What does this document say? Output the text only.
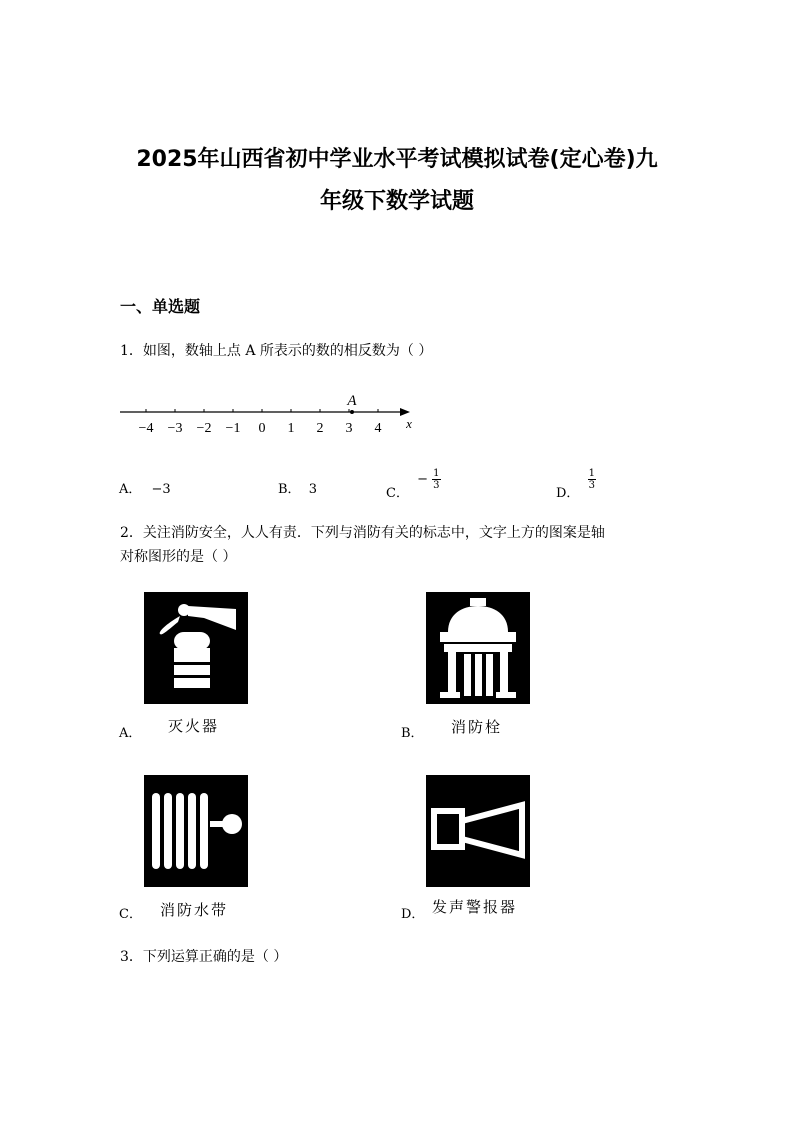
2025年山西省初中学业水平考试模拟试卷(定心卷)九
年级下数学试题
一、单选题
1．如图，数轴上点 A 所表示的数的相反数为（ ）
−4 −3 −2 −1 0 1 2 3 4
A
x
A． −3	B． 3	C． − $\frac{1}{3}$
D．
$\frac{1}{3}$
2．关注消防安全，人人有责．下列与消防有关的标志中，文字上方的图案是轴
对称图形的是（ ）
A． 灭火器	B． 消防栓
C． 消防水带	D． 发声警报器
3．下列运算正确的是（ ）
